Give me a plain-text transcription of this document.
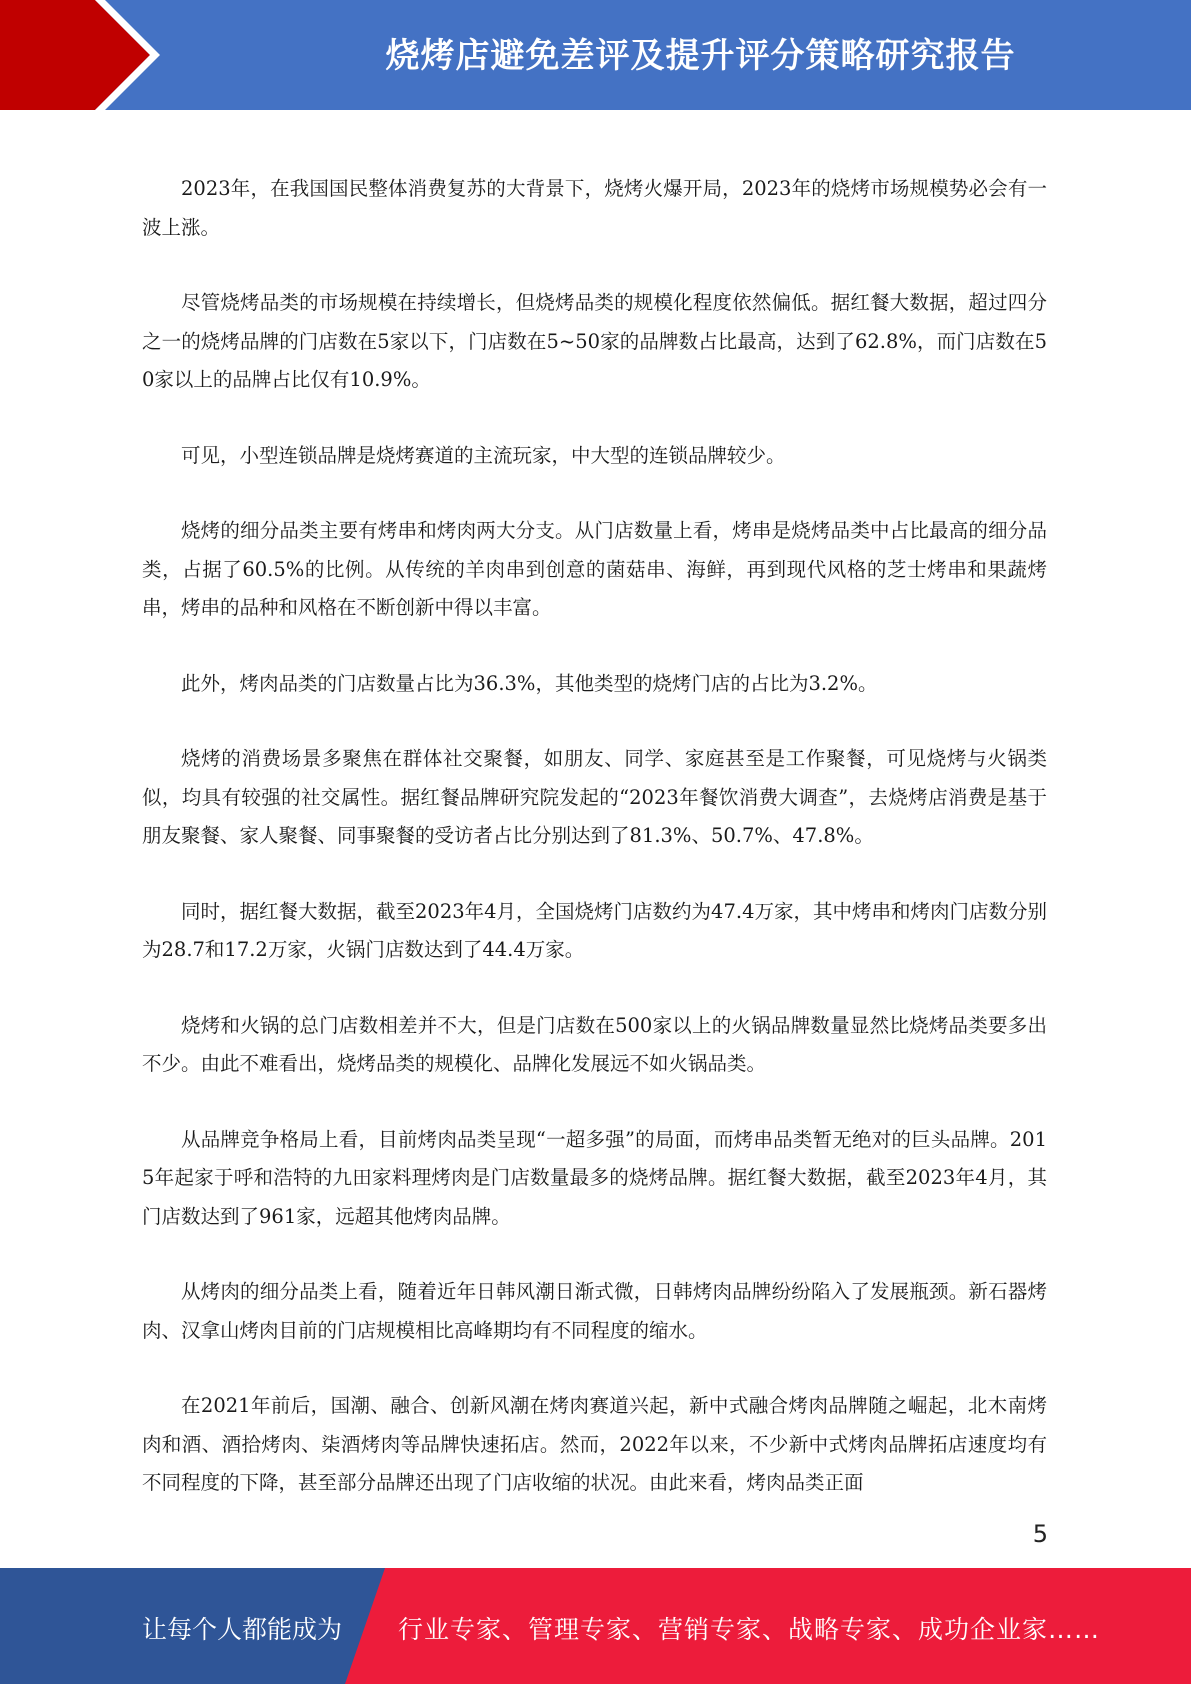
烧烤店避免差评及提升评分策略研究报告

2023年，在我国国民整体消费复苏的大背景下，烧烤火爆开局，2023年的烧烤市场规模势必会有一波上涨。

尽管烧烤品类的市场规模在持续增长，但烧烤品类的规模化程度依然偏低。据红餐大数据，超过四分之一的烧烤品牌的门店数在5家以下，门店数在5~50家的品牌数占比最高，达到了62.8%，而门店数在50家以上的品牌占比仅有10.9%。

可见，小型连锁品牌是烧烤赛道的主流玩家，中大型的连锁品牌较少。

烧烤的细分品类主要有烤串和烤肉两大分支。从门店数量上看，烤串是烧烤品类中占比最高的细分品类，占据了60.5%的比例。从传统的羊肉串到创意的菌菇串、海鲜，再到现代风格的芝士烤串和果蔬烤串，烤串的品种和风格在不断创新中得以丰富。

此外，烤肉品类的门店数量占比为36.3%，其他类型的烧烤门店的占比为3.2%。

烧烤的消费场景多聚焦在群体社交聚餐，如朋友、同学、家庭甚至是工作聚餐，可见烧烤与火锅类似，均具有较强的社交属性。据红餐品牌研究院发起的“2023年餐饮消费大调查”，去烧烤店消费是基于朋友聚餐、家人聚餐、同事聚餐的受访者占比分别达到了81.3%、50.7%、47.8%。

同时，据红餐大数据，截至2023年4月，全国烧烤门店数约为47.4万家，其中烤串和烤肉门店数分别为28.7和17.2万家，火锅门店数达到了44.4万家。

烧烤和火锅的总门店数相差并不大，但是门店数在500家以上的火锅品牌数量显然比烧烤品类要多出不少。由此不难看出，烧烤品类的规模化、品牌化发展远不如火锅品类。

从品牌竞争格局上看，目前烤肉品类呈现“一超多强”的局面，而烤串品类暂无绝对的巨头品牌。2015年起家于呼和浩特的九田家料理烤肉是门店数量最多的烧烤品牌。据红餐大数据，截至2023年4月，其门店数达到了961家，远超其他烤肉品牌。

从烤肉的细分品类上看，随着近年日韩风潮日渐式微，日韩烤肉品牌纷纷陷入了发展瓶颈。新石器烤肉、汉拿山烤肉目前的门店规模相比高峰期均有不同程度的缩水。

在2021年前后，国潮、融合、创新风潮在烤肉赛道兴起，新中式融合烤肉品牌随之崛起，北木南烤肉和酒、酒拾烤肉、柒酒烤肉等品牌快速拓店。然而，2022年以来，不少新中式烤肉品牌拓店速度均有不同程度的下降，甚至部分品牌还出现了门店收缩的状况。由此来看，烤肉品类正面

5
让每个人都能成为 行业专家、管理专家、营销专家、战略专家、成功企业家……
